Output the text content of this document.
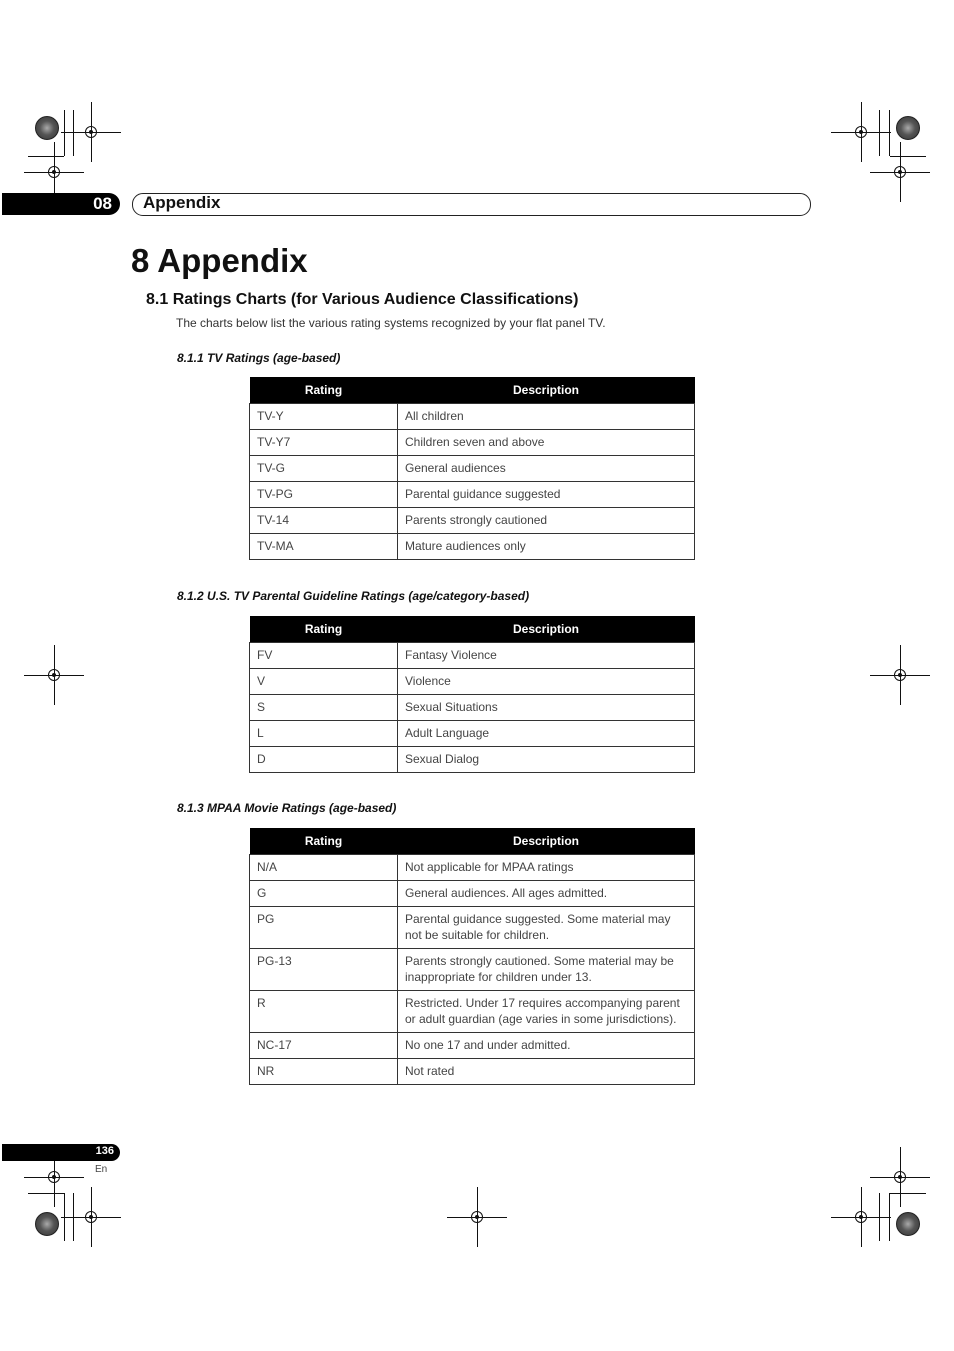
08 Appendix
8 Appendix
8.1 Ratings Charts (for Various Audience Classifications)
The charts below list the various rating systems recognized by your flat panel TV.
8.1.1 TV Ratings (age-based)
Rating	Description
TV-Y	All children
TV-Y7	Children seven and above
TV-G	General audiences
TV-PG	Parental guidance suggested
TV-14	Parents strongly cautioned
TV-MA	Mature audiences only
8.1.2 U.S. TV Parental Guideline Ratings (age/category-based)
Rating	Description
FV	Fantasy Violence
V	Violence
S	Sexual Situations
L	Adult Language
D	Sexual Dialog
8.1.3 MPAA Movie Ratings (age-based)
Rating	Description
N/A	Not applicable for MPAA ratings
G	General audiences. All ages admitted.
PG	Parental guidance suggested. Some material may not be suitable for children.
PG-13	Parents strongly cautioned. Some material may be inappropriate for children under 13.
R	Restricted. Under 17 requires accompanying parent or adult guardian (age varies in some jurisdictions).
NC-17	No one 17 and under admitted.
NR	Not rated
136
En
